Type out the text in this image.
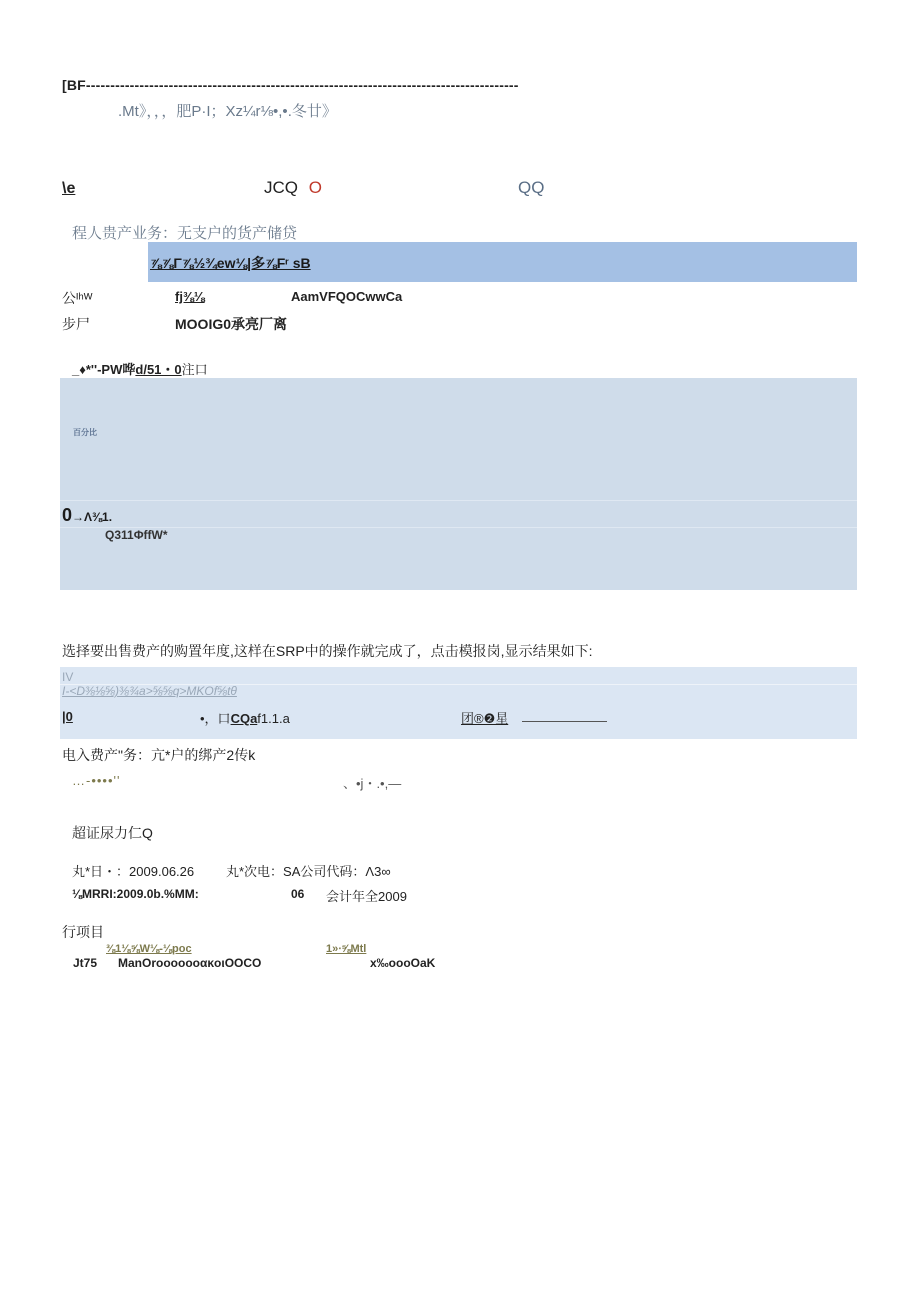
[BF-----------------------------------------------------------------------------------------
.Mt》，，，肥P·I；Xz¼r⅛•,•.冬廿》
\e	JCQ O	QQ
程人贵产业务：无支户的货产储贷
⅞⅞Γ⅞½¾ew⅛|多⅞Fʳ sB
公ᴵʰᵂ	fj⅜⅛	AamVFQOCwwCa
步尸	MOOIG0承亮厂离
_♦*''-PW哗d/51・0注口
百分比
0→Λ⅜1.
Q311ΦffW*
选择要出售费产的购置年度,这样在SRP中的操作就完成了，点击模报岗,显示结果如下:
IV
I-<D⅜⅛⅝)⅜¾a>⅝⅝q>MKOf⅝tθ
|0	•，口CQaf1.1.a	团®❷星
电入费产"务：亢*户的绑产2传k
…-••••''	、•j・.•,—
超证尿力仁Q
丸*日・：2009.06.26 丸*次电：SA公司代码：Λ3∞
⅛MRRI:2009.0b.%MM:	06 会计年全2009
行项目
⅜1⅛⅝W⅛-⅛poc	1»∙⅝Mtl
Jt75 ManOrooooooαĸoιOOCO	x‰oooOaK
